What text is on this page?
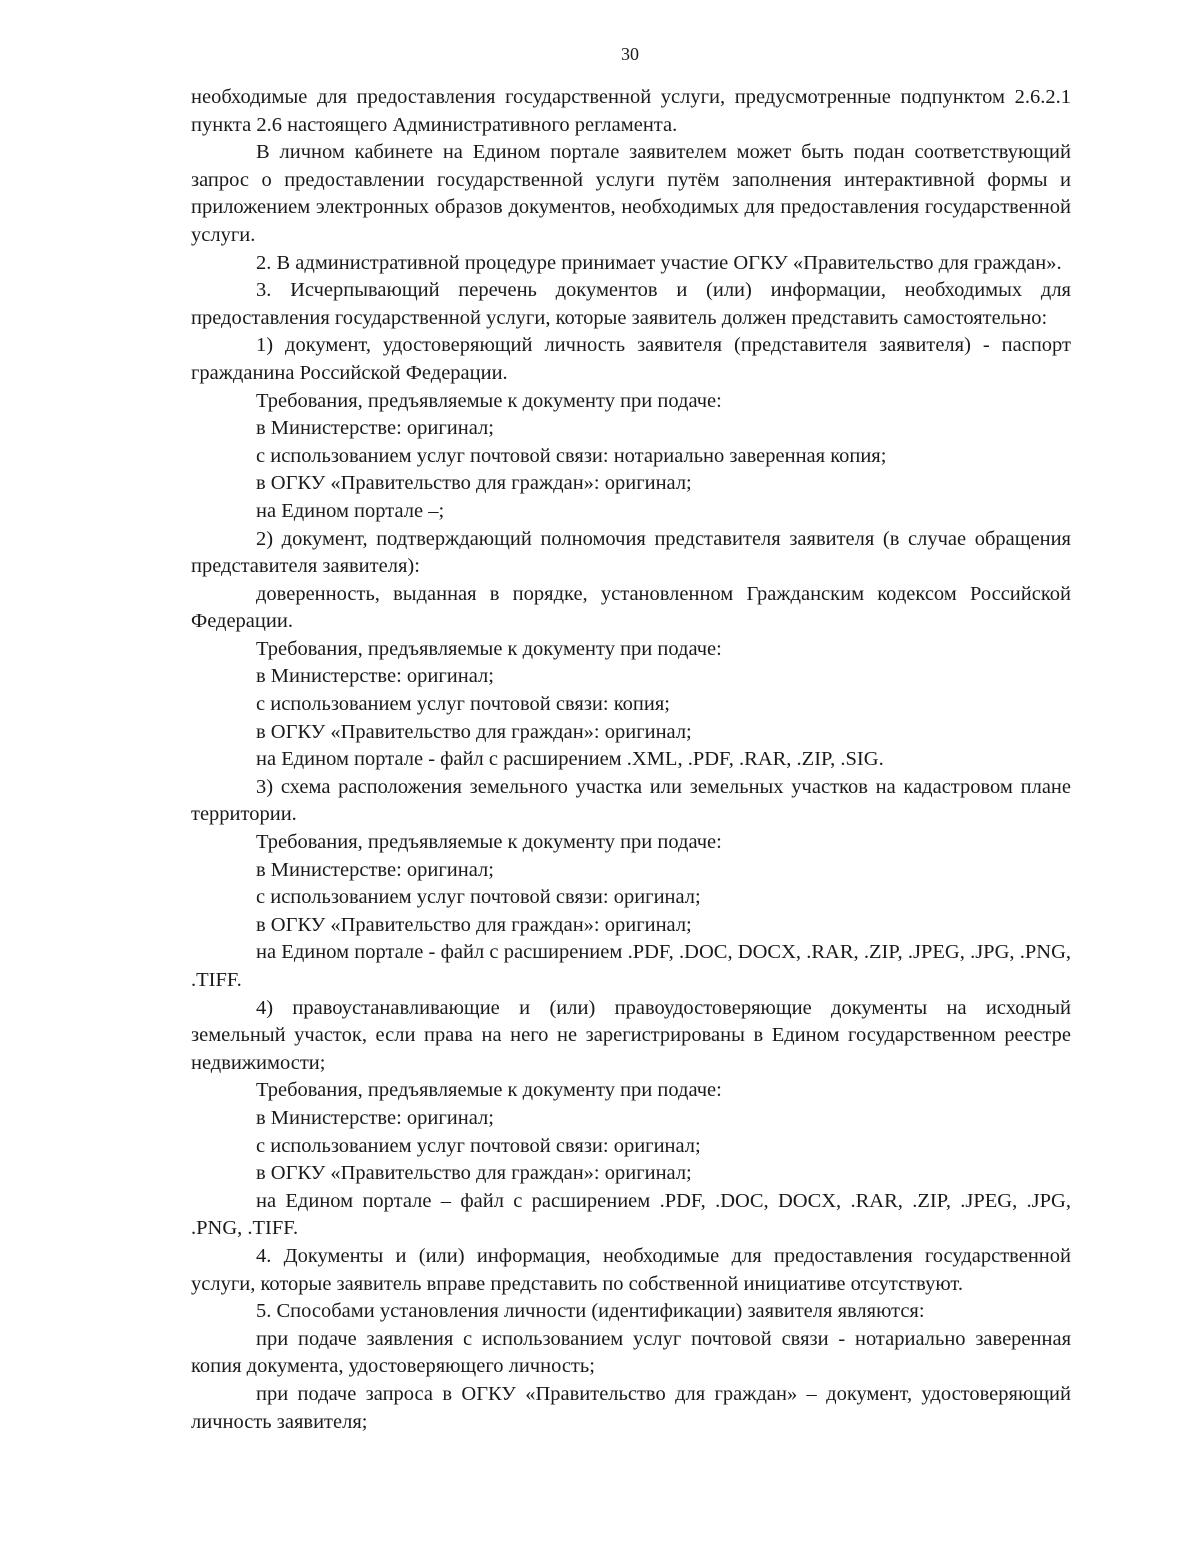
30

необходимые для предоставления государственной услуги, предусмотренные подпунктом 2.6.2.1 пункта 2.6 настоящего Административного регламента.

В личном кабинете на Едином портале заявителем может быть подан соответствующий запрос о предоставлении государственной услуги путём заполнения интерактивной формы и приложением электронных образов документов, необходимых для предоставления государственной услуги.

2. В административной процедуре принимает участие ОГКУ «Правительство для граждан».

3. Исчерпывающий перечень документов и (или) информации, необходимых для предоставления государственной услуги, которые заявитель должен представить самостоятельно:

1) документ, удостоверяющий личность заявителя (представителя заявителя) - паспорт гражданина Российской Федерации.

Требования, предъявляемые к документу при подаче:

в Министерстве: оригинал;

с использованием услуг почтовой связи: нотариально заверенная копия;

в ОГКУ «Правительство для граждан»: оригинал;

на Едином портале –;

2) документ, подтверждающий полномочия представителя заявителя (в случае обращения представителя заявителя):

доверенность, выданная в порядке, установленном Гражданским кодексом Российской Федерации.

Требования, предъявляемые к документу при подаче:

в Министерстве: оригинал;

с использованием услуг почтовой связи: копия;

в ОГКУ «Правительство для граждан»: оригинал;

на Едином портале - файл с расширением .XML, .PDF, .RAR, .ZIP, .SIG.

3) схема расположения земельного участка или земельных участков на кадастровом плане территории.

Требования, предъявляемые к документу при подаче:

в Министерстве: оригинал;

с использованием услуг почтовой связи: оригинал;

в ОГКУ «Правительство для граждан»: оригинал;

на Едином портале - файл с расширением .PDF, .DOC, DOCX, .RAR, .ZIP, .JPEG, .JPG, .PNG, .TIFF.

4) правоустанавливающие и (или) правоудостоверяющие документы на исходный земельный участок, если права на него не зарегистрированы в Едином государственном реестре недвижимости;

Требования, предъявляемые к документу при подаче:

в Министерстве: оригинал;

с использованием услуг почтовой связи: оригинал;

в ОГКУ «Правительство для граждан»: оригинал;

на Едином портале – файл с расширением .PDF, .DOC, DOCX, .RAR, .ZIP, .JPEG, .JPG, .PNG, .TIFF.

4. Документы и (или) информация, необходимые для предоставления государственной услуги, которые заявитель вправе представить по собственной инициативе отсутствуют.

5. Способами установления личности (идентификации) заявителя являются:

при подаче заявления с использованием услуг почтовой связи - нотариально заверенная копия документа, удостоверяющего личность;

при подаче запроса в ОГКУ «Правительство для граждан» – документ, удостоверяющий личность заявителя;
